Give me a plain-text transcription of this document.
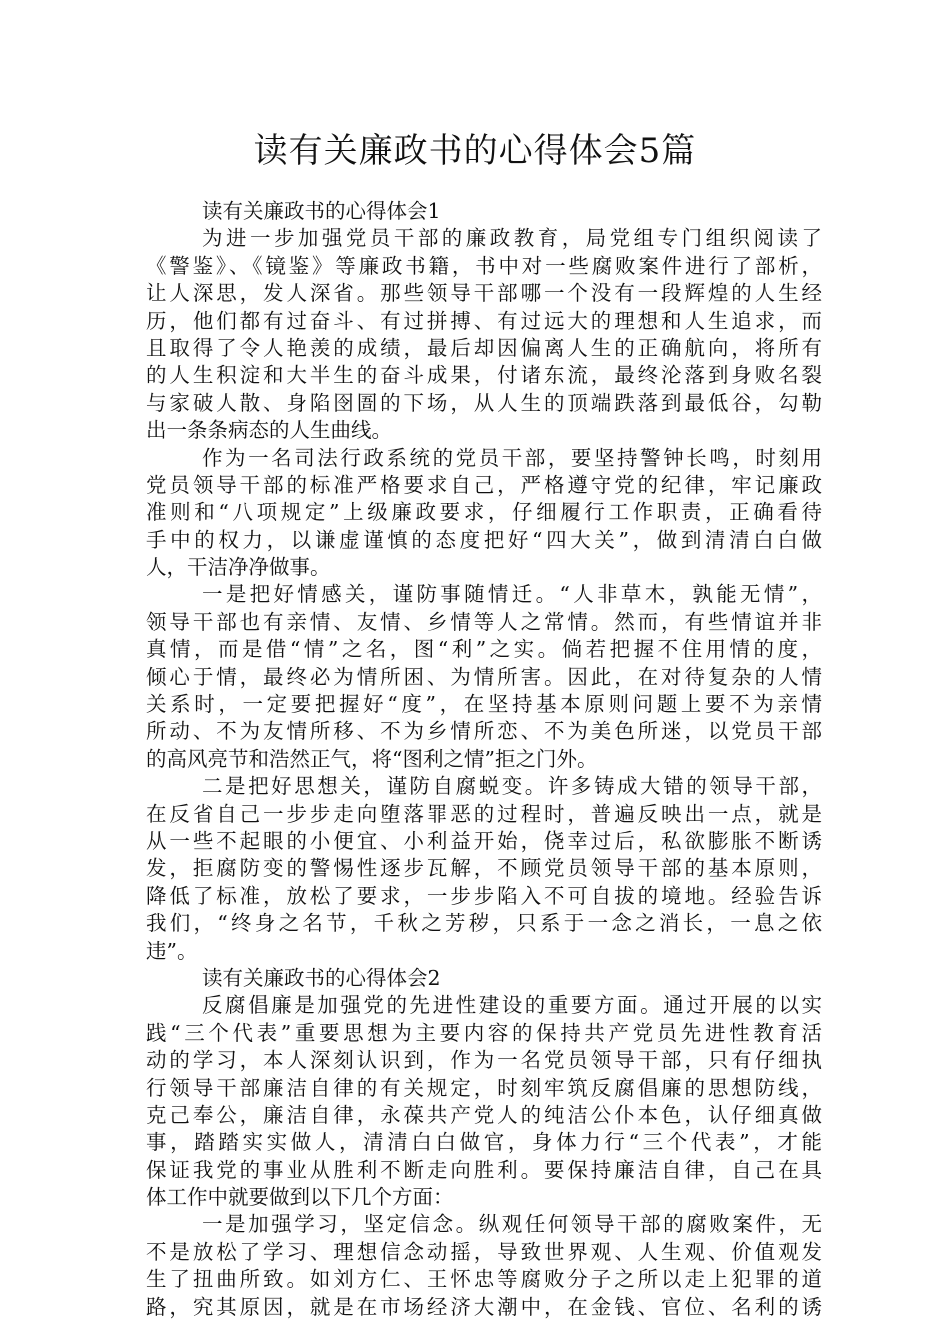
读有关廉政书的心得体会5篇
读有关廉政书的心得体会1
为进一步加强党员干部的廉政教育，局党组专门组织阅读了
《警鉴》、《镜鉴》等廉政书籍，书中对一些腐败案件进行了部析，
让人深思，发人深省。那些领导干部哪一个没有一段辉煌的人生经
历，他们都有过奋斗、有过拼搏、有过远大的理想和人生追求，而
且取得了令人艳羡的成绩，最后却因偏离人生的正确航向，将所有
的人生积淀和大半生的奋斗成果，付诸东流，最终沦落到身败名裂
与家破人散、身陷囹圄的下场，从人生的顶端跌落到最低谷，勾勒
出一条条病态的人生曲线。
作为一名司法行政系统的党员干部，要坚持警钟长鸣，时刻用
党员领导干部的标准严格要求自己，严格遵守党的纪律，牢记廉政
准则和“八项规定”上级廉政要求，仔细履行工作职责，正确看待
手中的权力，以谦虚谨慎的态度把好“四大关”，做到清清白白做
人，干洁净净做事。
一是把好情感关，谨防事随情迁。“人非草木，孰能无情”，
领导干部也有亲情、友情、乡情等人之常情。然而，有些情谊并非
真情，而是借“情”之名，图“利”之实。倘若把握不住用情的度，
倾心于情，最终必为情所困、为情所害。因此，在对待复杂的人情
关系时，一定要把握好“度”，在坚持基本原则问题上要不为亲情
所动、不为友情所移、不为乡情所恋、不为美色所迷，以党员干部
的高风亮节和浩然正气，将“图利之情”拒之门外。
二是把好思想关，谨防自腐蜕变。许多铸成大错的领导干部，
在反省自己一步步走向堕落罪恶的过程时，普遍反映出一点，就是
从一些不起眼的小便宜、小利益开始，侥幸过后，私欲膨胀不断诱
发，拒腐防变的警惕性逐步瓦解，不顾党员领导干部的基本原则，
降低了标准，放松了要求，一步步陷入不可自拔的境地。经验告诉
我们，“终身之名节，千秋之芳秽，只系于一念之消长，一息之依
违”。
读有关廉政书的心得体会2
反腐倡廉是加强党的先进性建设的重要方面。通过开展的以实
践“三个代表”重要思想为主要内容的保持共产党员先进性教育活
动的学习，本人深刻认识到，作为一名党员领导干部，只有仔细执
行领导干部廉洁自律的有关规定，时刻牢筑反腐倡廉的思想防线，
克己奉公，廉洁自律，永葆共产党人的纯洁公仆本色，认仔细真做
事，踏踏实实做人，清清白白做官，身体力行“三个代表”，才能
保证我党的事业从胜利不断走向胜利。要保持廉洁自律，自己在具
体工作中就要做到以下几个方面：
一是加强学习，坚定信念。纵观任何领导干部的腐败案件，无
不是放松了学习、理想信念动摇，导致世界观、人生观、价值观发
生了扭曲所致。如刘方仁、王怀忠等腐败分子之所以走上犯罪的道
路，究其原因，就是在市场经济大潮中，在金钱、官位、名利的诱
